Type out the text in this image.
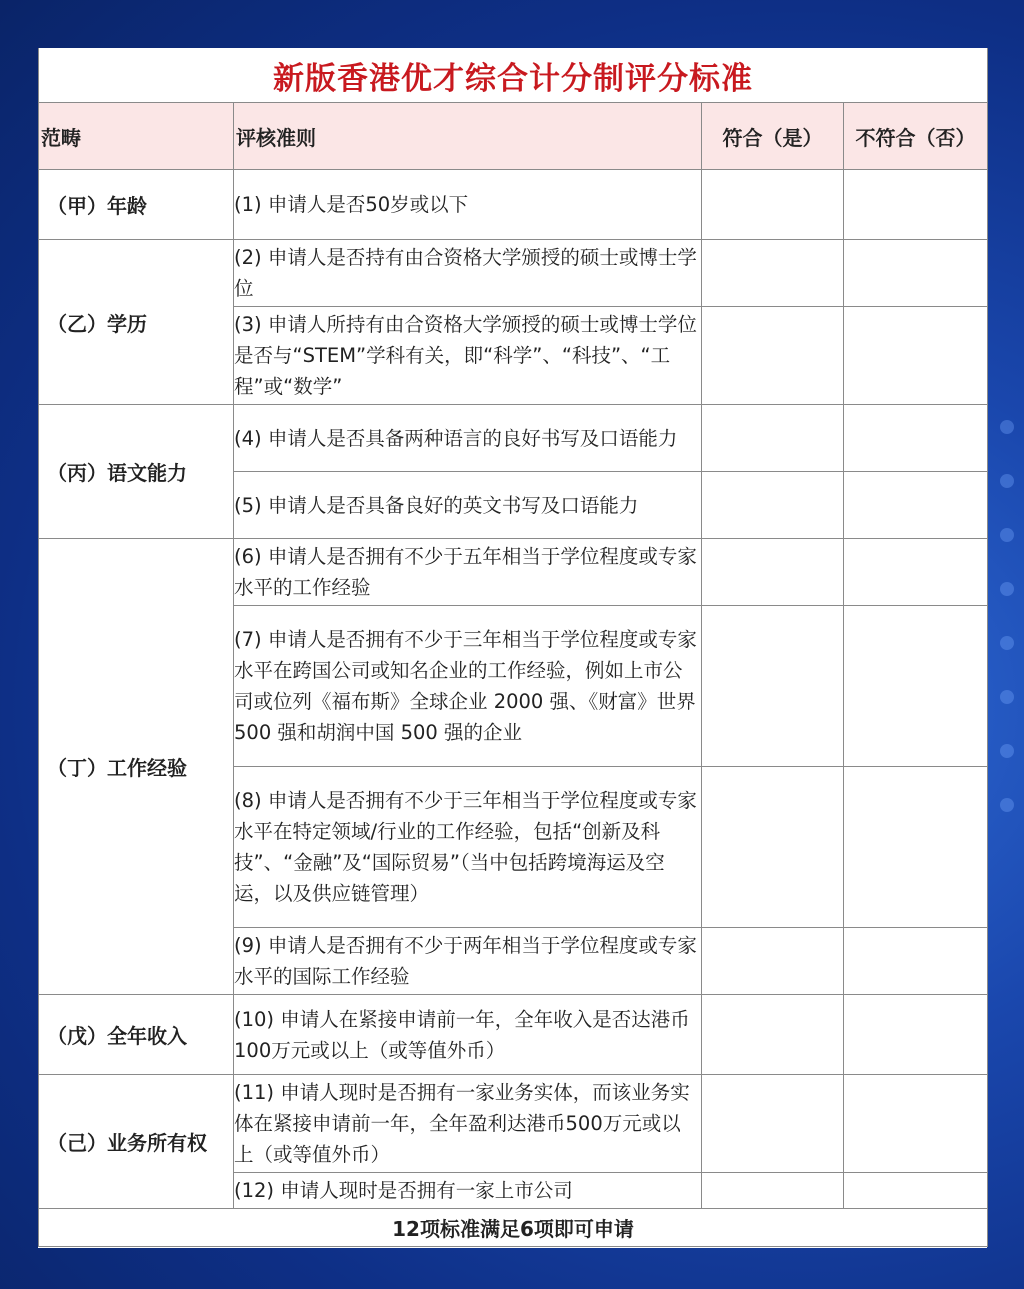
新版香港优才综合计分制评分标准			
范畴	评核准则	符合（是）	不符合（否）
（甲）年龄	(1) 申请人是否50岁或以下		
（乙）学历	(2) 申请人是否持有由合资格大学颁授的硕士或博士学位		
	(3) 申请人所持有由合资格大学颁授的硕士或博士学位是否与“STEM”学科有关，即“科学”、“科技”、“工程”或“数学”		
（丙）语文能力	(4) 申请人是否具备两种语言的良好书写及口语能力		
	(5) 申请人是否具备良好的英文书写及口语能力		
（丁）工作经验	(6) 申请人是否拥有不少于五年相当于学位程度或专家水平的工作经验		
	(7) 申请人是否拥有不少于三年相当于学位程度或专家水平在跨国公司或知名企业的工作经验，例如上市公司或位列《福布斯》全球企业 2000 强、《财富》世界 500 强和胡润中国 500 强的企业		
	(8) 申请人是否拥有不少于三年相当于学位程度或专家水平在特定领域/行业的工作经验，包括“创新及科技”、“金融”及“国际贸易”（当中包括跨境海运及空运，以及供应链管理）		
	(9) 申请人是否拥有不少于两年相当于学位程度或专家水平的国际工作经验		
（戊）全年收入	(10) 申请人在紧接申请前一年，全年收入是否达港币100万元或以上（或等值外币）		
（己）业务所有权	(11) 申请人现时是否拥有一家业务实体，而该业务实体在紧接申请前一年，全年盈利达港币500万元或以上（或等值外币）		
	(12) 申请人现时是否拥有一家上市公司		
12项标准满足6项即可申请			
